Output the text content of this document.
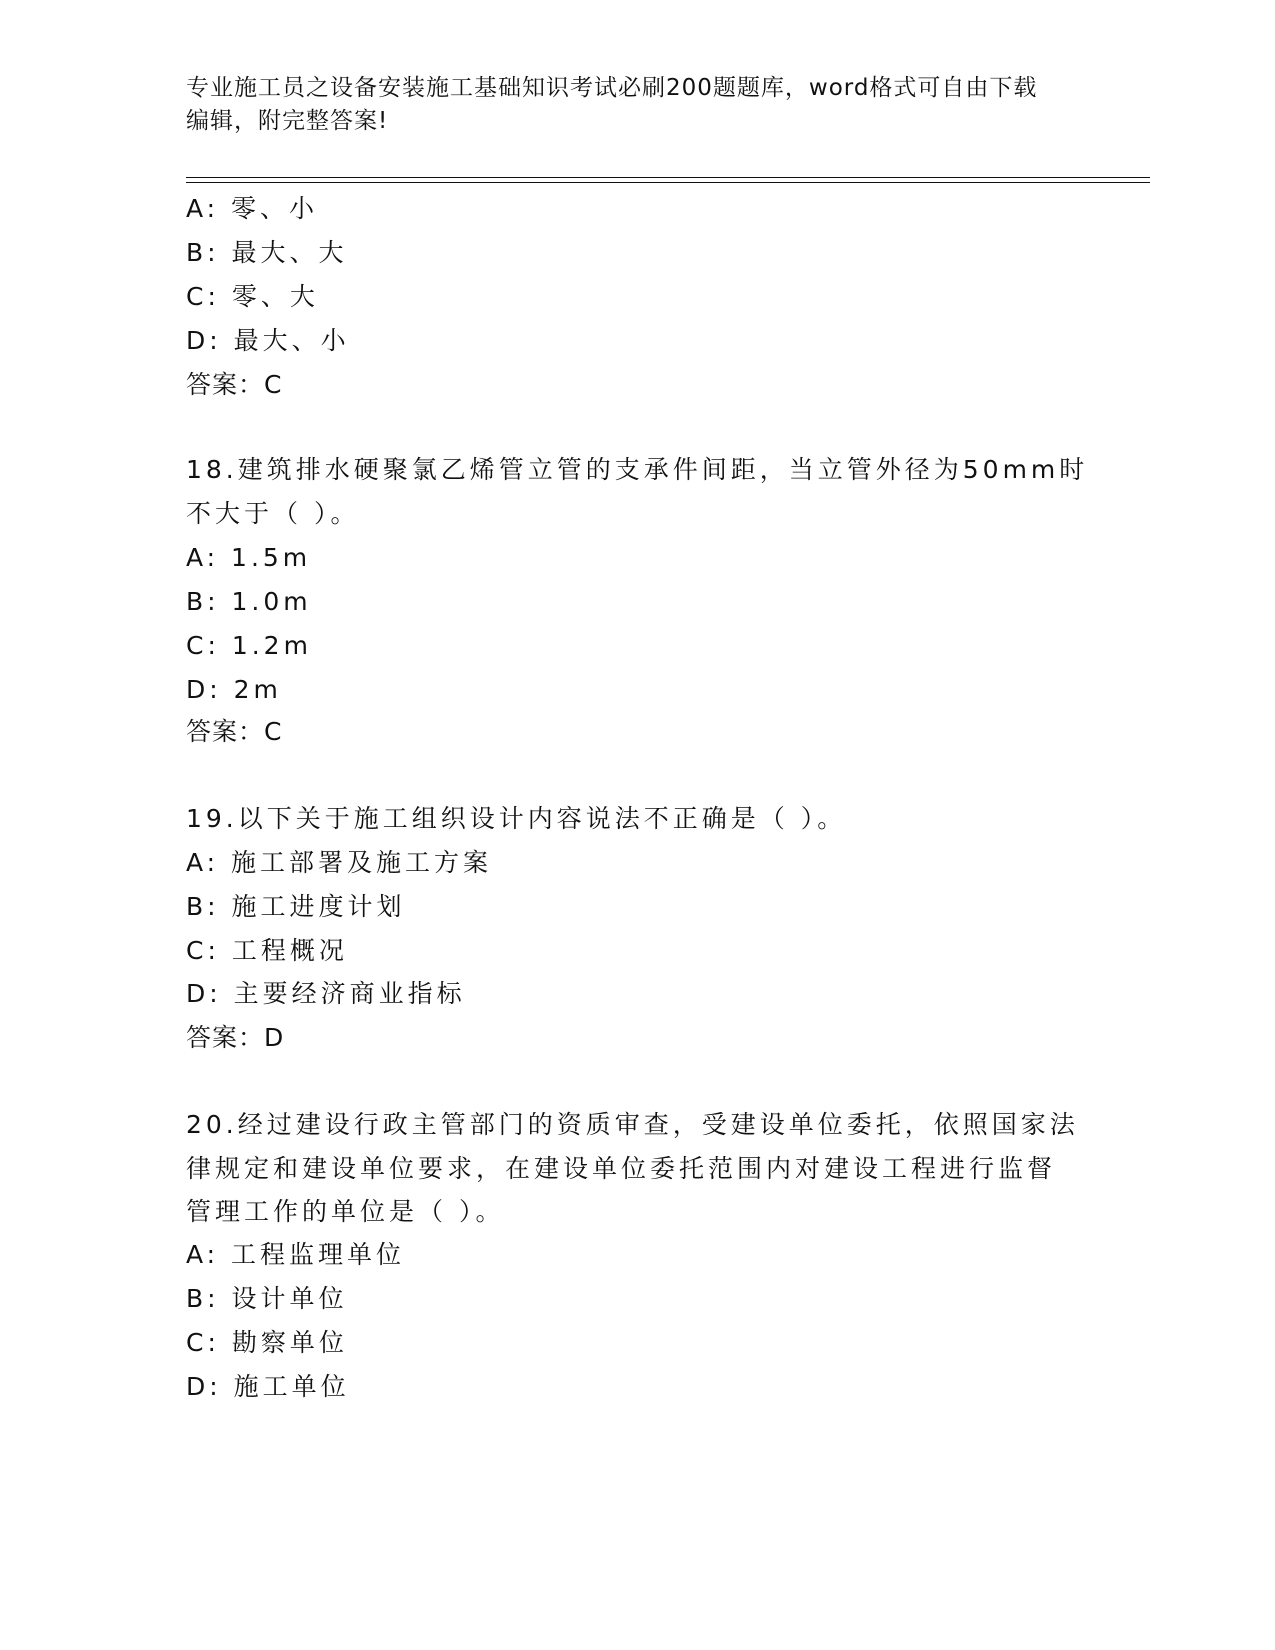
专业施工员之设备安装施工基础知识考试必刷200题题库，word格式可自由下载
编辑，附完整答案!
A: 零、小
B: 最大、大
C: 零、大
D: 最大、小
答案：C
18.建筑排水硬聚氯乙烯管立管的支承件间距，当立管外径为50mm时
不大于（ ）。
A: 1.5m
B: 1.0m
C: 1.2m
D: 2m
答案：C
19.以下关于施工组织设计内容说法不正确是（ ）。
A: 施工部署及施工方案
B: 施工进度计划
C: 工程概况
D: 主要经济商业指标
答案：D
20.经过建设行政主管部门的资质审查，受建设单位委托，依照国家法
律规定和建设单位要求，在建设单位委托范围内对建设工程进行监督
管理工作的单位是（ ）。
A: 工程监理单位
B: 设计单位
C: 勘察单位
D: 施工单位
